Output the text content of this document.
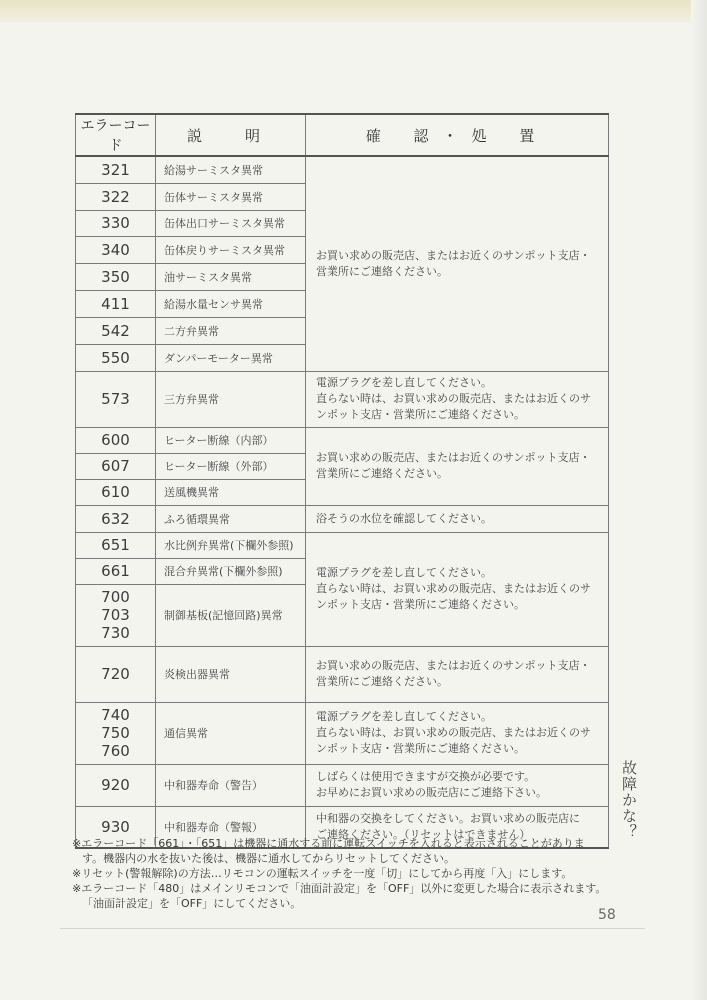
エラーコード	説　明	確 認・処 置
321	給湯サーミスタ異常	お買い求めの販売店、またはお近くのサンポット支店・
営業所にご連絡ください。

322	缶体サーミスタ異常	
330	缶体出口サーミスタ異常	
340	缶体戻りサーミスタ異常	
350	油サーミスタ異常	
411	給湯水量センサ異常	
542	二方弁異常	
550	ダンパーモーター異常	
573	三方弁異常	電源プラグを差し直してください。
直らない時は、お買い求めの販売店、またはお近くのサ
ンポット支店・営業所にご連絡ください。

600	ヒーター断線（内部）	お買い求めの販売店、またはお近くのサンポット支店・
営業所にご連絡ください。

607	ヒーター断線（外部）	
610	送風機異常	
632	ふろ循環異常	浴そうの水位を確認してください。

651	水比例弁異常(下欄外参照)	電源プラグを差し直してください。
直らない時は、お買い求めの販売店、またはお近くのサ
ンポット支店・営業所にご連絡ください。

661	混合弁異常(下欄外参照)	
700
703
730	制御基板(記憶回路)異常	
720	炎検出器異常	お買い求めの販売店、またはお近くのサンポット支店・
営業所にご連絡ください。

740
750
760	通信異常	電源プラグを差し直してください。
直らない時は、お買い求めの販売店、またはお近くのサ
ンポット支店・営業所にご連絡ください。

920	中和器寿命（警告）	しばらくは使用できますが交換が必要です。
お早めにお買い求めの販売店にご連絡下さい。

930	中和器寿命（警報）	中和器の交換をしてください。お買い求めの販売店に
ご連絡ください。（リセットはできません）	故障かな？
※エラーコード「661」・「651」は機器に通水する前に運転スイッチを入れると表示されることがありま
す。機器内の水を抜いた後は、機器に通水してからリセットしてください。
※リセット(警報解除)の方法…リモコンの運転スイッチを一度「切」にしてから再度「入」にします。
※エラーコード「480」はメインリモコンで「油面計設定」を「OFF」以外に変更した場合に表示されます。
「油面計設定」を「OFF」にしてください。
58
